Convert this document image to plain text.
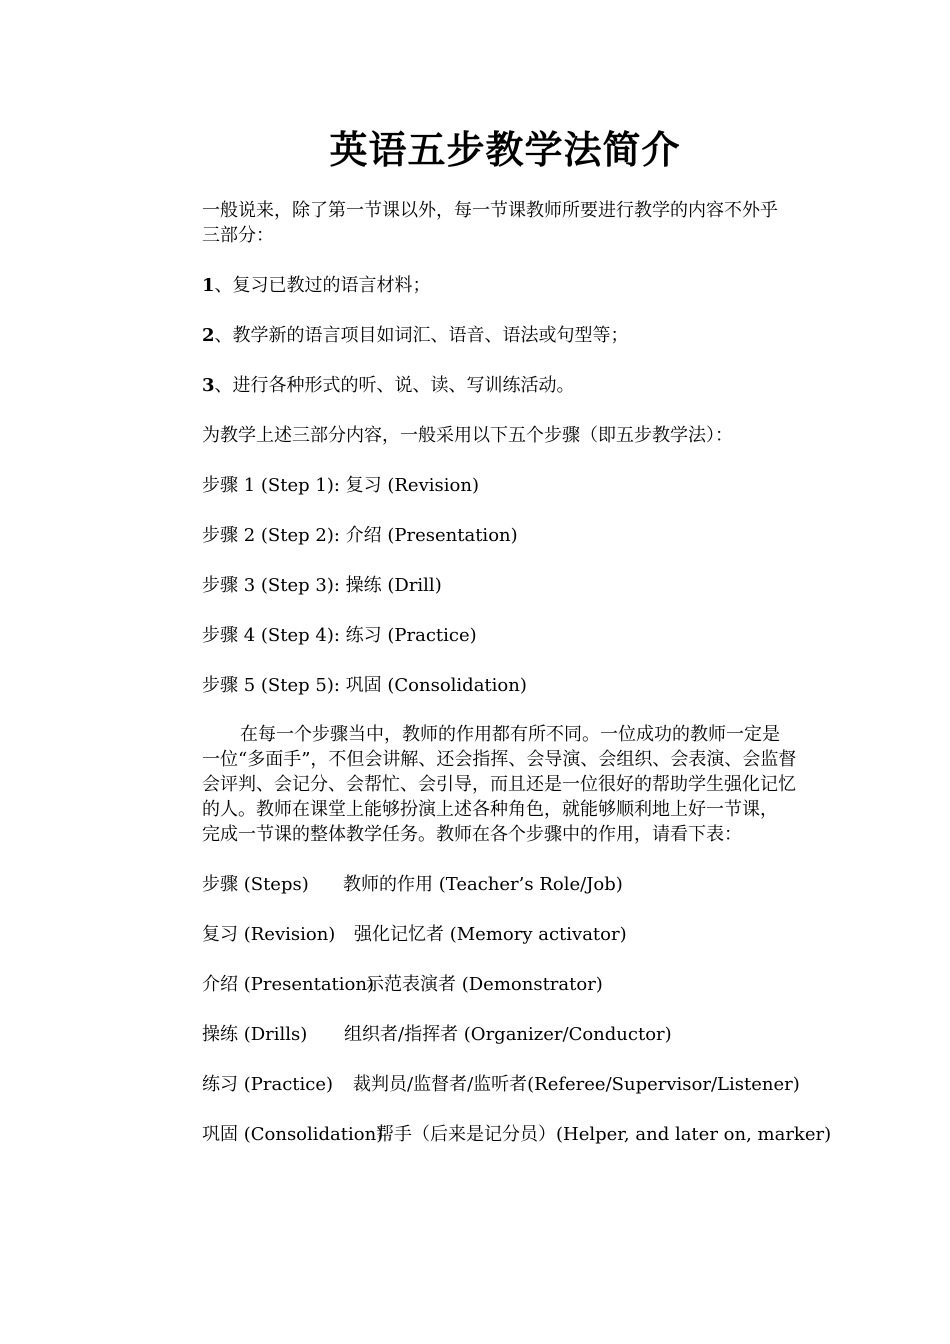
英语五步教学法简介
一般说来，除了第一节课以外，每一节课教师所要进行教学的内容不外乎
三部分：
1、复习已教过的语言材料；
2、教学新的语言项目如词汇、语音、语法或句型等；
3、进行各种形式的听、说、读、写训练活动。
为教学上述三部分内容，一般采用以下五个步骤（即五步教学法）：
步骤 1 (Step 1): 复习 (Revision)
步骤 2 (Step 2): 介绍 (Presentation)
步骤 3 (Step 3): 操练 (Drill)
步骤 4 (Step 4): 练习 (Practice)
步骤 5 (Step 5): 巩固 (Consolidation)
在每一个步骤当中，教师的作用都有所不同。一位成功的教师一定是
一位“多面手”，不但会讲解、还会指挥、会导演、会组织、会表演、会监督
会评判、会记分、会帮忙、会引导，而且还是一位很好的帮助学生强化记忆
的人。教师在课堂上能够扮演上述各种角色，就能够顺利地上好一节课，
完成一节课的整体教学任务。教师在各个步骤中的作用，请看下表：
步骤 (Steps) 教师的作用 (Teacher’s Role/Job)
复习 (Revision) 强化记忆者 (Memory activator)
介绍 (Presentation)示范表演者 (Demonstrator)
操练 (Drills) 组织者/指挥者 (Organizer/Conductor)
练习 (Practice) 裁判员/监督者/监听者(Referee/Supervisor/Listener)
巩固 (Consolidation)帮手（后来是记分员）(Helper, and later on, marker)
